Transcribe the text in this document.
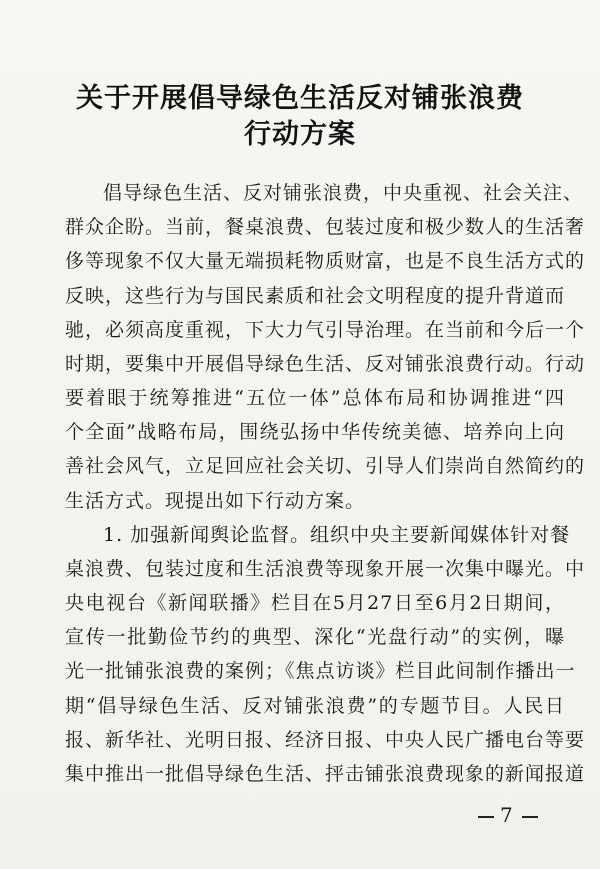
关于开展倡导绿色生活反对铺张浪费
行动方案
倡导绿色生活、反对铺张浪费，中央重视、社会关注、
群众企盼。当前，餐桌浪费、包装过度和极少数人的生活奢
侈等现象不仅大量无端损耗物质财富，也是不良生活方式的
反映，这些行为与国民素质和社会文明程度的提升背道而
驰，必须高度重视，下大力气引导治理。在当前和今后一个
时期，要集中开展倡导绿色生活、反对铺张浪费行动。行动
要着眼于统筹推进“五位一体”总体布局和协调推进“四
个全面”战略布局，围绕弘扬中华传统美德、培养向上向
善社会风气，立足回应社会关切、引导人们崇尚自然简约的
生活方式。现提出如下行动方案。
1. 加强新闻舆论监督。组织中央主要新闻媒体针对餐
桌浪费、包装过度和生活浪费等现象开展一次集中曝光。中
央电视台《新闻联播》栏目在5月27日至6月2日期间，
宣传一批勤俭节约的典型、深化“光盘行动”的实例，曝
光一批铺张浪费的案例；《焦点访谈》栏目此间制作播出一
期“倡导绿色生活、反对铺张浪费”的专题节目。人民日
报、新华社、光明日报、经济日报、中央人民广播电台等要
集中推出一批倡导绿色生活、抨击铺张浪费现象的新闻报道
7
